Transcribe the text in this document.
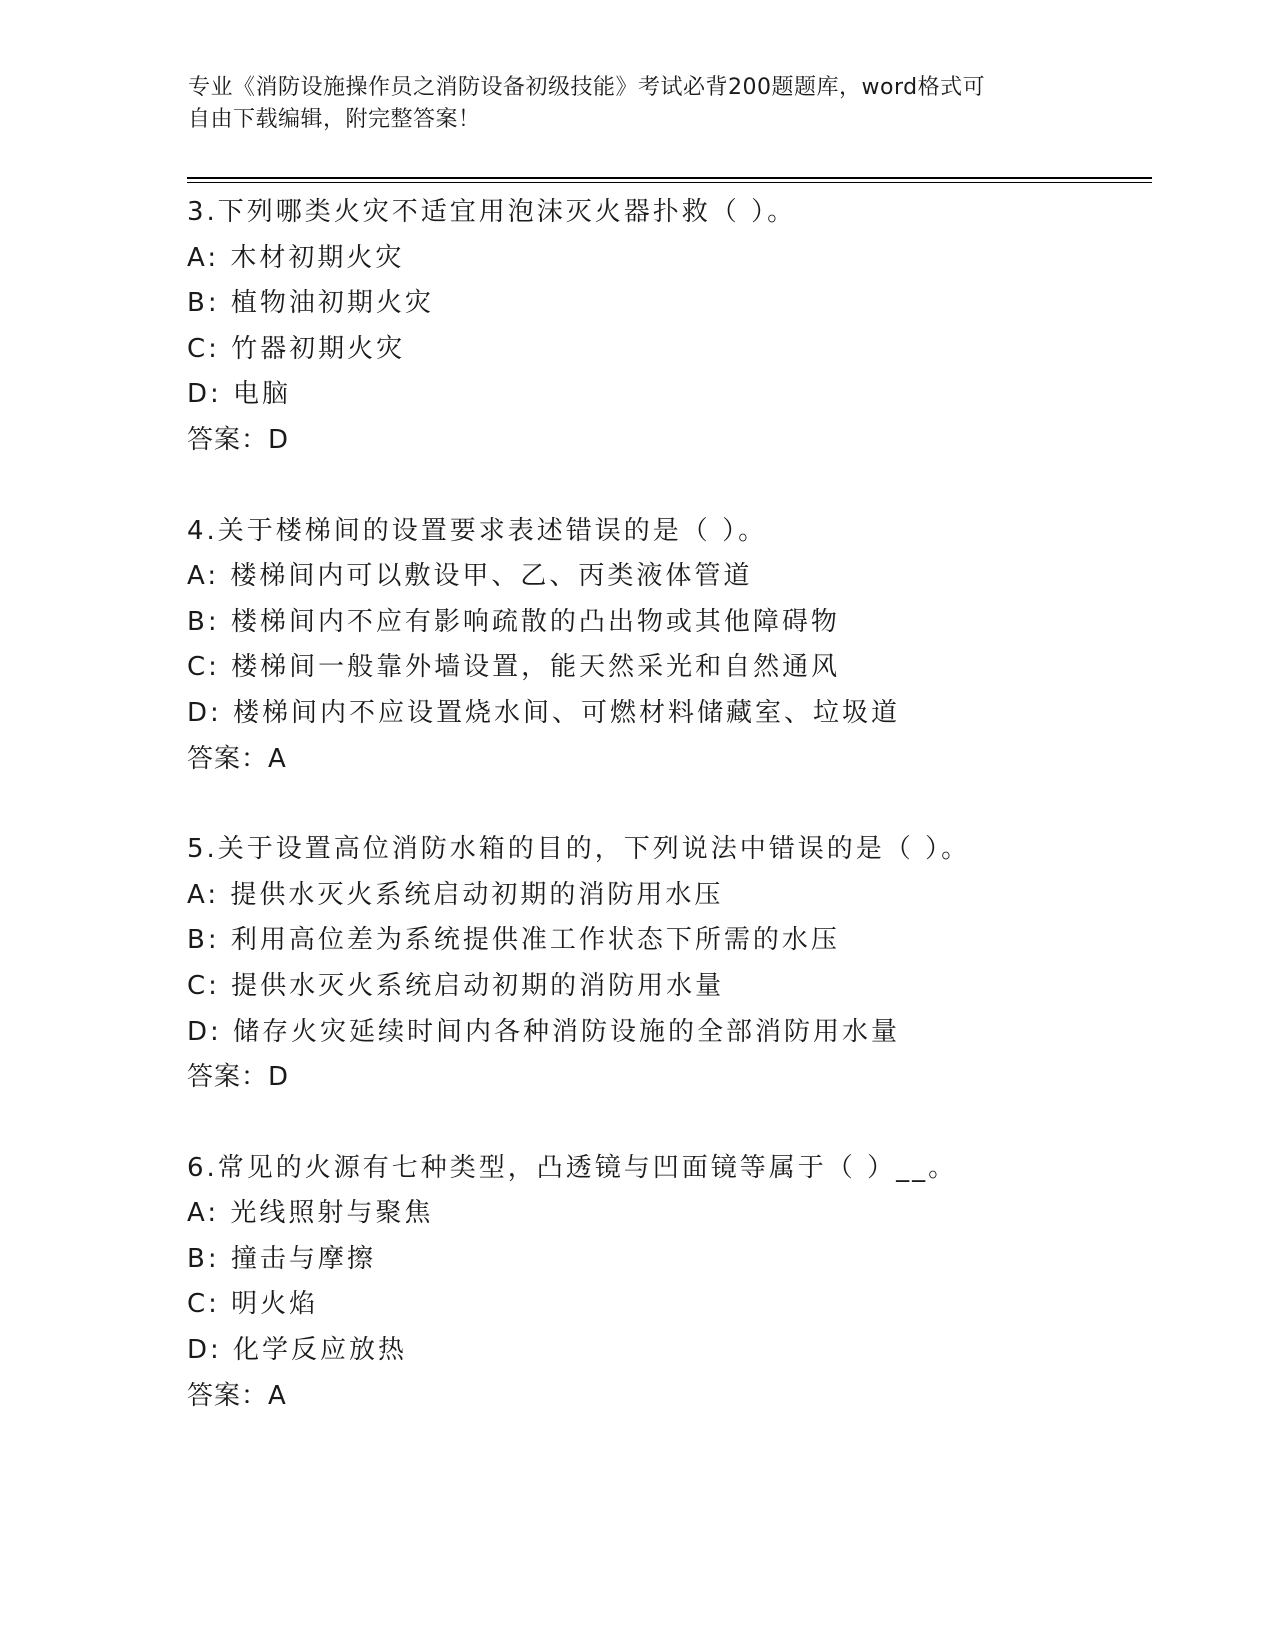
专业《消防设施操作员之消防设备初级技能》考试必背200题题库，word格式可
自由下载编辑，附完整答案！
3.下列哪类火灾不适宜用泡沫灭火器扑救（ ）。
A: 木材初期火灾
B: 植物油初期火灾
C: 竹器初期火灾
D: 电脑
答案：D
4.关于楼梯间的设置要求表述错误的是（ ）。
A: 楼梯间内可以敷设甲、乙、丙类液体管道
B: 楼梯间内不应有影响疏散的凸出物或其他障碍物
C: 楼梯间一般靠外墙设置，能天然采光和自然通风
D: 楼梯间内不应设置烧水间、可燃材料储藏室、垃圾道
答案：A
5.关于设置高位消防水箱的目的，下列说法中错误的是（ ）。
A: 提供水灭火系统启动初期的消防用水压
B: 利用高位差为系统提供准工作状态下所需的水压
C: 提供水灭火系统启动初期的消防用水量
D: 储存火灾延续时间内各种消防设施的全部消防用水量
答案：D
6.常见的火源有七种类型，凸透镜与凹面镜等属于（ ）__。
A: 光线照射与聚焦
B: 撞击与摩擦
C: 明火焰
D: 化学反应放热
答案：A
